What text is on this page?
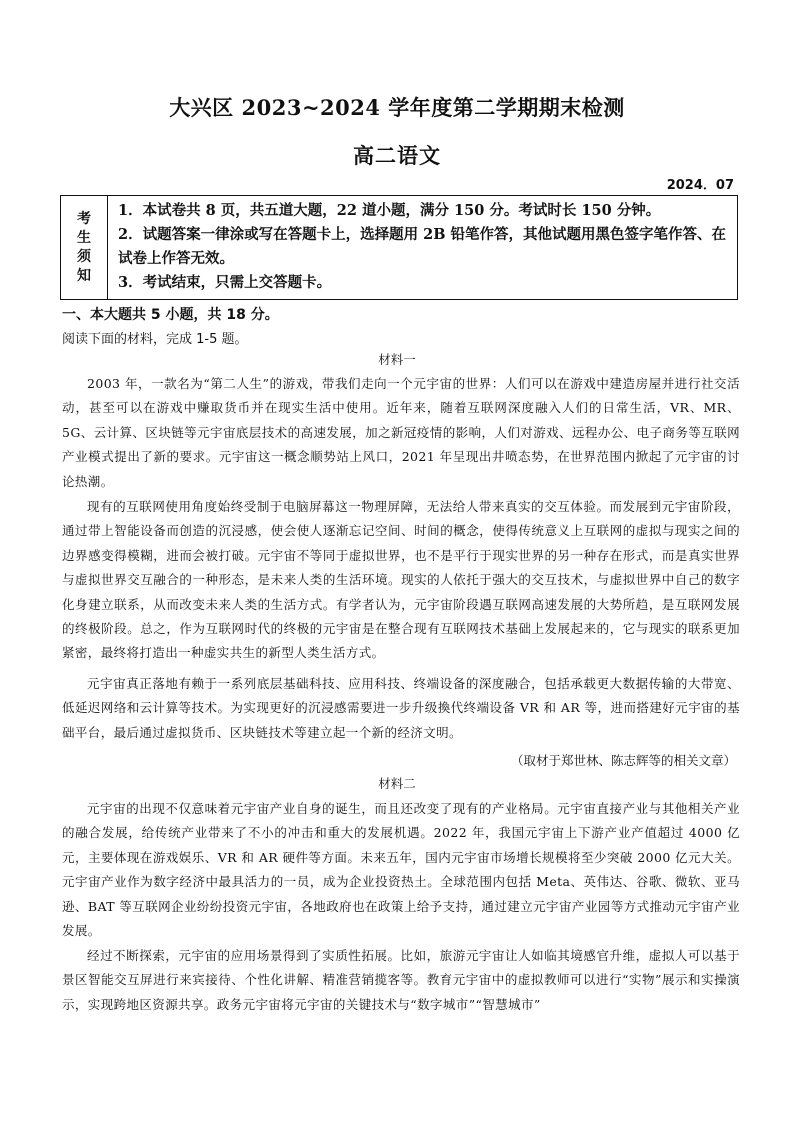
大兴区 2023~2024 学年度第二学期期末检测
高二语文
2024．07
考
生
须
知

1．本试卷共 8 页，共五道大题，22 道小题，满分 150 分。考试时长 150 分钟。

2．试题答案一律涂或写在答题卡上，选择题用 2B 铅笔作答，其他试题用黑色签字笔作答、在试卷上作答无效。

3．考试结束，只需上交答题卡。

一、本大题共 5 小题，共 18 分。
阅读下面的材料，完成 1-5 题。
材料一

2003 年，一款名为“第二人生”的游戏，带我们走向一个元宇宙的世界：人们可以在游戏中建造房屋并进行社交活动，甚至可以在游戏中赚取货币并在现实生活中使用。近年来，随着互联网深度融入人们的日常生活，VR、MR、5G、云计算、区块链等元宇宙底层技术的高速发展，加之新冠疫情的影响，人们对游戏、远程办公、电子商务等互联网产业模式提出了新的要求。元宇宙这一概念顺势站上风口，2021 年呈现出井喷态势，在世界范围内掀起了元宇宙的讨论热潮。

现有的互联网使用角度始终受制于电脑屏幕这一物理屏障，无法给人带来真实的交互体验。而发展到元宇宙阶段，通过带上智能设备而创造的沉浸感，使会使人逐渐忘记空间、时间的概念，使得传统意义上互联网的虚拟与现实之间的边界感变得模糊，进而会被打破。元宇宙不等同于虚拟世界，也不是平行于现实世界的另一种存在形式，而是真实世界与虚拟世界交互融合的一种形态，是未来人类的生活环境。现实的人依托于强大的交互技术，与虚拟世界中自己的数字化身建立联系，从而改变未来人类的生活方式。有学者认为，元宇宙阶段遇互联网高速发展的大势所趋，是互联网发展的终极阶段。总之，作为互联网时代的终极的元宇宙是在整合现有互联网技术基础上发展起来的，它与现实的联系更加紧密，最终将打造出一种虚实共生的新型人类生活方式。

元宇宙真正落地有赖于一系列底层基础科技、应用科技、终端设备的深度融合，包括承载更大数据传输的大带宽、低延迟网络和云计算等技术。为实现更好的沉浸感需要进一步升级換代终端设备 VR 和 AR 等，进而搭建好元宇宙的基础平台，最后通过虚拟货币、区块链技术等建立起一个新的经济文明。

（取材于郑世林、陈志辉等的相关文章）
材料二

元宇宙的出现不仅意味着元宇宙产业自身的诞生，而且还改变了现有的产业格局。元宇宙直接产业与其他相关产业的融合发展，给传统产业带来了不小的冲击和重大的发展机遇。2022 年，我国元宇宙上下游产业产值超过 4000 亿元，主要体现在游戏娱乐、VR 和 AR 硬件等方面。未来五年，国内元宇宙市场增长规模将至少突破 2000 亿元大关。元宇宙产业作为数字经济中最具活力的一员，成为企业投资热土。全球范围内包括 Meta、英伟达、谷歌、微软、亚马逊、BAT 等互联网企业纷纷投资元宇宙，各地政府也在政策上给予支持，通过建立元宇宙产业园等方式推动元宇宙产业发展。

经过不断探索，元宇宙的应用场景得到了实质性拓展。比如，旅游元宇宙让人如临其境感官升维，虚拟人可以基于景区智能交互屏进行来宾接待、个性化讲解、精准营销揽客等。教育元宇宙中的虚拟教师可以进行“实物”展示和实操演示，实现跨地区资源共享。政务元宇宙将元宇宙的关键技术与“数字城市”“智慧城市”
